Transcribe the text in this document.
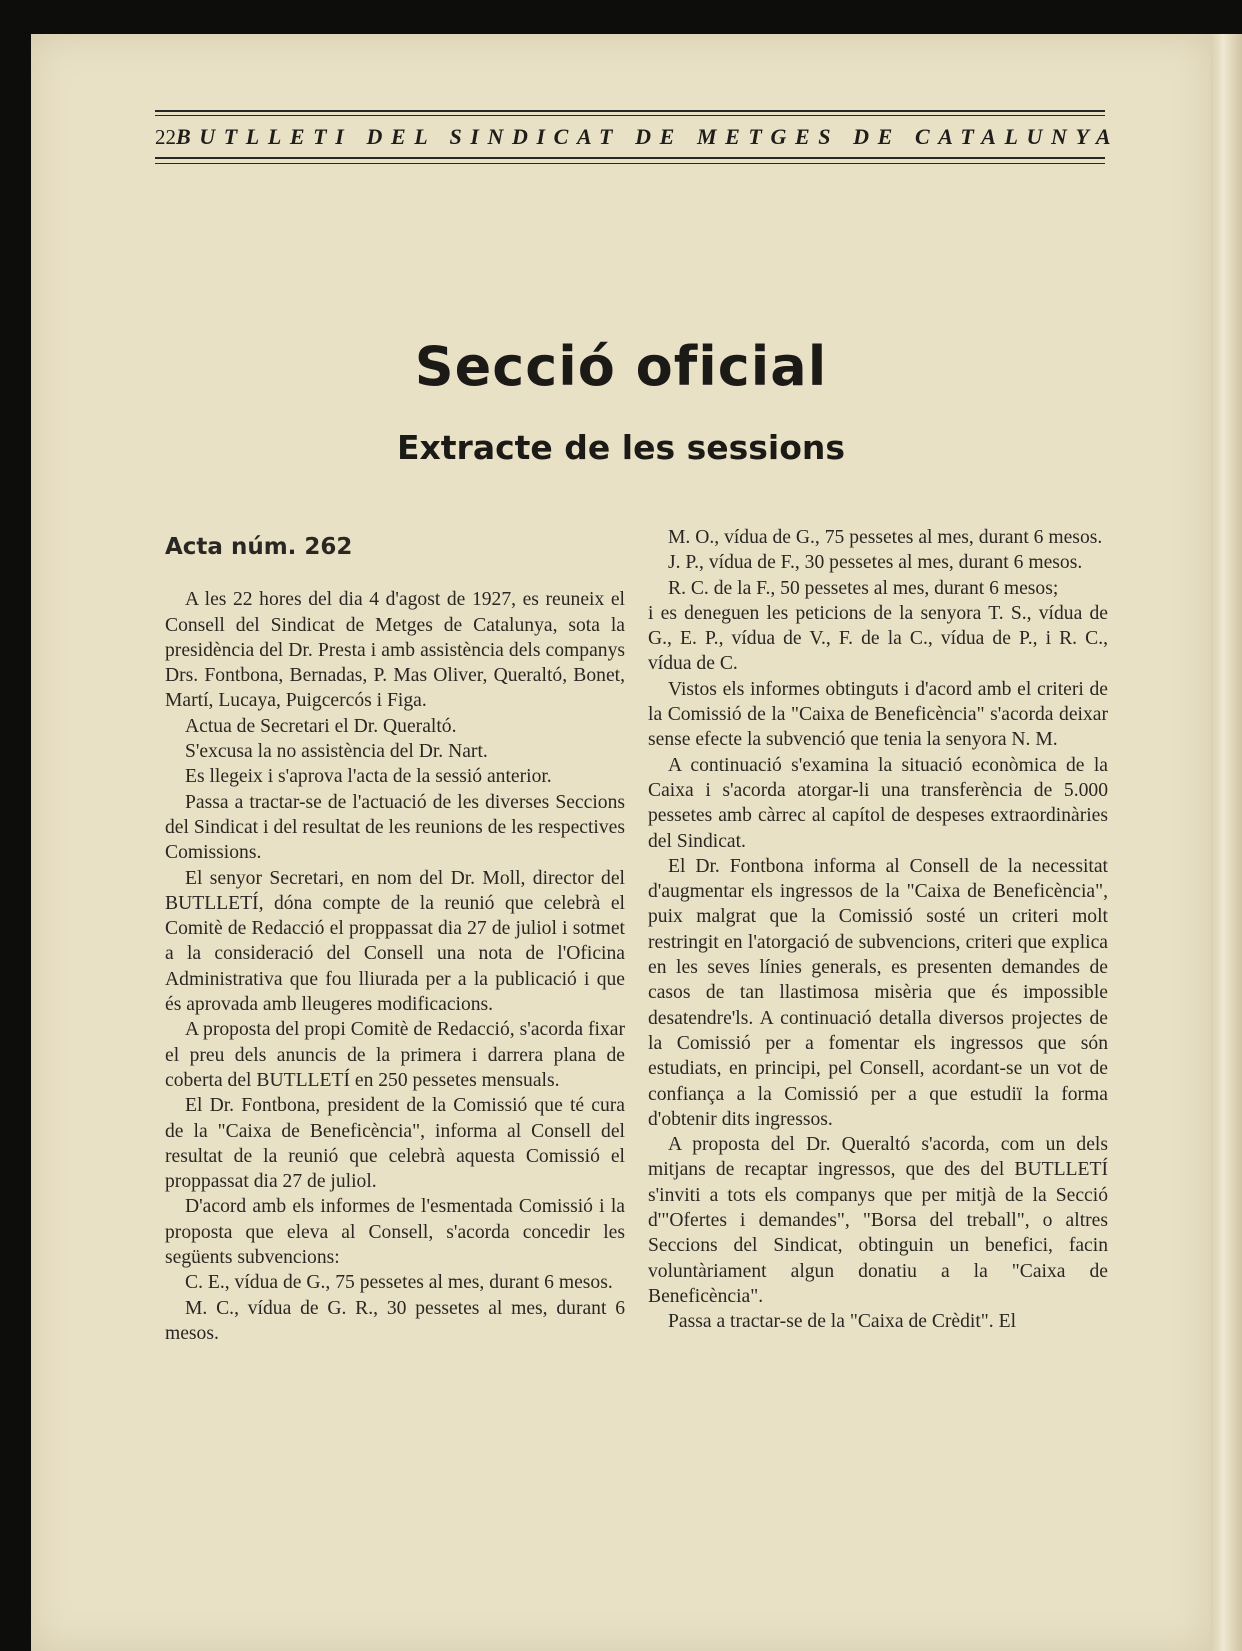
22 BUTLLETI DEL SINDICAT DE METGES DE CATALUNYA
Secció oficial
Extracte de les sessions
Acta núm. 262

A les 22 hores del dia 4 d'agost de 1927, es reuneix el Consell del Sindicat de Metges de Catalunya, sota la presidència del Dr. Presta i amb assistència dels companys Drs. Fontbona, Bernadas, P. Mas Oliver, Queraltó, Bonet, Martí, Lucaya, Puigcercós i Figa.

Actua de Secretari el Dr. Queraltó.

S'excusa la no assistència del Dr. Nart.

Es llegeix i s'aprova l'acta de la sessió anterior.

Passa a tractar-se de l'actuació de les diverses Seccions del Sindicat i del resultat de les reunions de les respectives Comissions.

El senyor Secretari, en nom del Dr. Moll, director del BUTLLETÍ, dóna compte de la reunió que celebrà el Comitè de Redacció el proppassat dia 27 de juliol i sotmet a la consideració del Consell una nota de l'Oficina Administrativa que fou lliurada per a la publicació i que és aprovada amb lleugeres modificacions.

A proposta del propi Comitè de Redacció, s'acorda fixar el preu dels anuncis de la primera i darrera plana de coberta del BUTLLETÍ en 250 pessetes mensuals.

El Dr. Fontbona, president de la Comissió que té cura de la "Caixa de Beneficència", informa al Consell del resultat de la reunió que celebrà aquesta Comissió el proppassat dia 27 de juliol.

D'acord amb els informes de l'esmentada Comissió i la proposta que eleva al Consell, s'acorda concedir les següents subvencions:

C. E., vídua de G., 75 pessetes al mes, durant 6 mesos.

M. C., vídua de G. R., 30 pessetes al mes, durant 6 mesos.

M. O., vídua de G., 75 pessetes al mes, durant 6 mesos.

J. P., vídua de F., 30 pessetes al mes, durant 6 mesos.

R. C. de la F., 50 pessetes al mes, durant 6 mesos;

i es deneguen les peticions de la senyora T. S., vídua de G., E. P., vídua de V., F. de la C., vídua de P., i R. C., vídua de C.

Vistos els informes obtinguts i d'acord amb el criteri de la Comissió de la "Caixa de Beneficència" s'acorda deixar sense efecte la subvenció que tenia la senyora N. M.

A continuació s'examina la situació econòmica de la Caixa i s'acorda atorgar-li una transferència de 5.000 pessetes amb càrrec al capítol de despeses extraordinàries del Sindicat.

El Dr. Fontbona informa al Consell de la necessitat d'augmentar els ingressos de la "Caixa de Beneficència", puix malgrat que la Comissió sosté un criteri molt restringit en l'atorgació de subvencions, criteri que explica en les seves línies generals, es presenten demandes de casos de tan llastimosa misèria que és impossible desatendre'ls. A continuació detalla diversos projectes de la Comissió per a fomentar els ingressos que són estudiats, en principi, pel Consell, acordant-se un vot de confiança a la Comissió per a que estudiï la forma d'obtenir dits ingressos.

A proposta del Dr. Queraltó s'acorda, com un dels mitjans de recaptar ingressos, que des del BUTLLETÍ s'inviti a tots els companys que per mitjà de la Secció d'"Ofertes i demandes", "Borsa del treball", o altres Seccions del Sindicat, obtinguin un benefici, facin voluntàriament algun donatiu a la "Caixa de Beneficència".

Passa a tractar-se de la "Caixa de Crèdit". El
